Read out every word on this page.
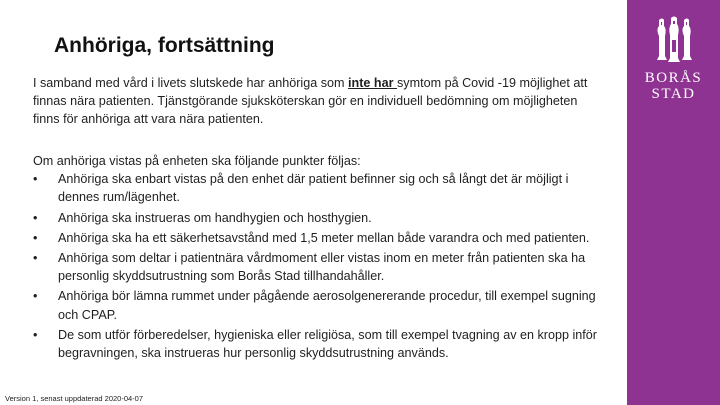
Anhöriga, fortsättning

I samband med vård i livets slutskede har anhöriga som inte har symtom på Covid -19 möjlighet att finnas nära patienten. Tjänstgörande sjuksköterskan gör en individuell bedömning om möjligheten finns för anhöriga att vara nära patienten.

Om anhöriga vistas på enheten ska följande punkter följas:
• Anhöriga ska enbart vistas på den enhet där patient befinner sig och så långt det är möjligt i dennes rum/lägenhet.
• Anhöriga ska instrueras om handhygien och hosthygien.
• Anhöriga ska ha ett säkerhetsavstånd med 1,5 meter mellan både varandra och med patienten.
• Anhöriga som deltar i patientnära vårdmoment eller vistas inom en meter från patienten ska ha personlig skyddsutrustning som Borås Stad tillhandahåller.
• Anhöriga bör lämna rummet under pågående aerosolgenererande procedur, till exempel sugning och CPAP.
• De som utför förberedelser, hygieniska eller religiösa, som till exempel tvagning av en kropp inför begravningen, ska instrueras hur personlig skyddsutrustning används.
Version 1, senast uppdaterad 2020-04-07
BORÅS
STAD
